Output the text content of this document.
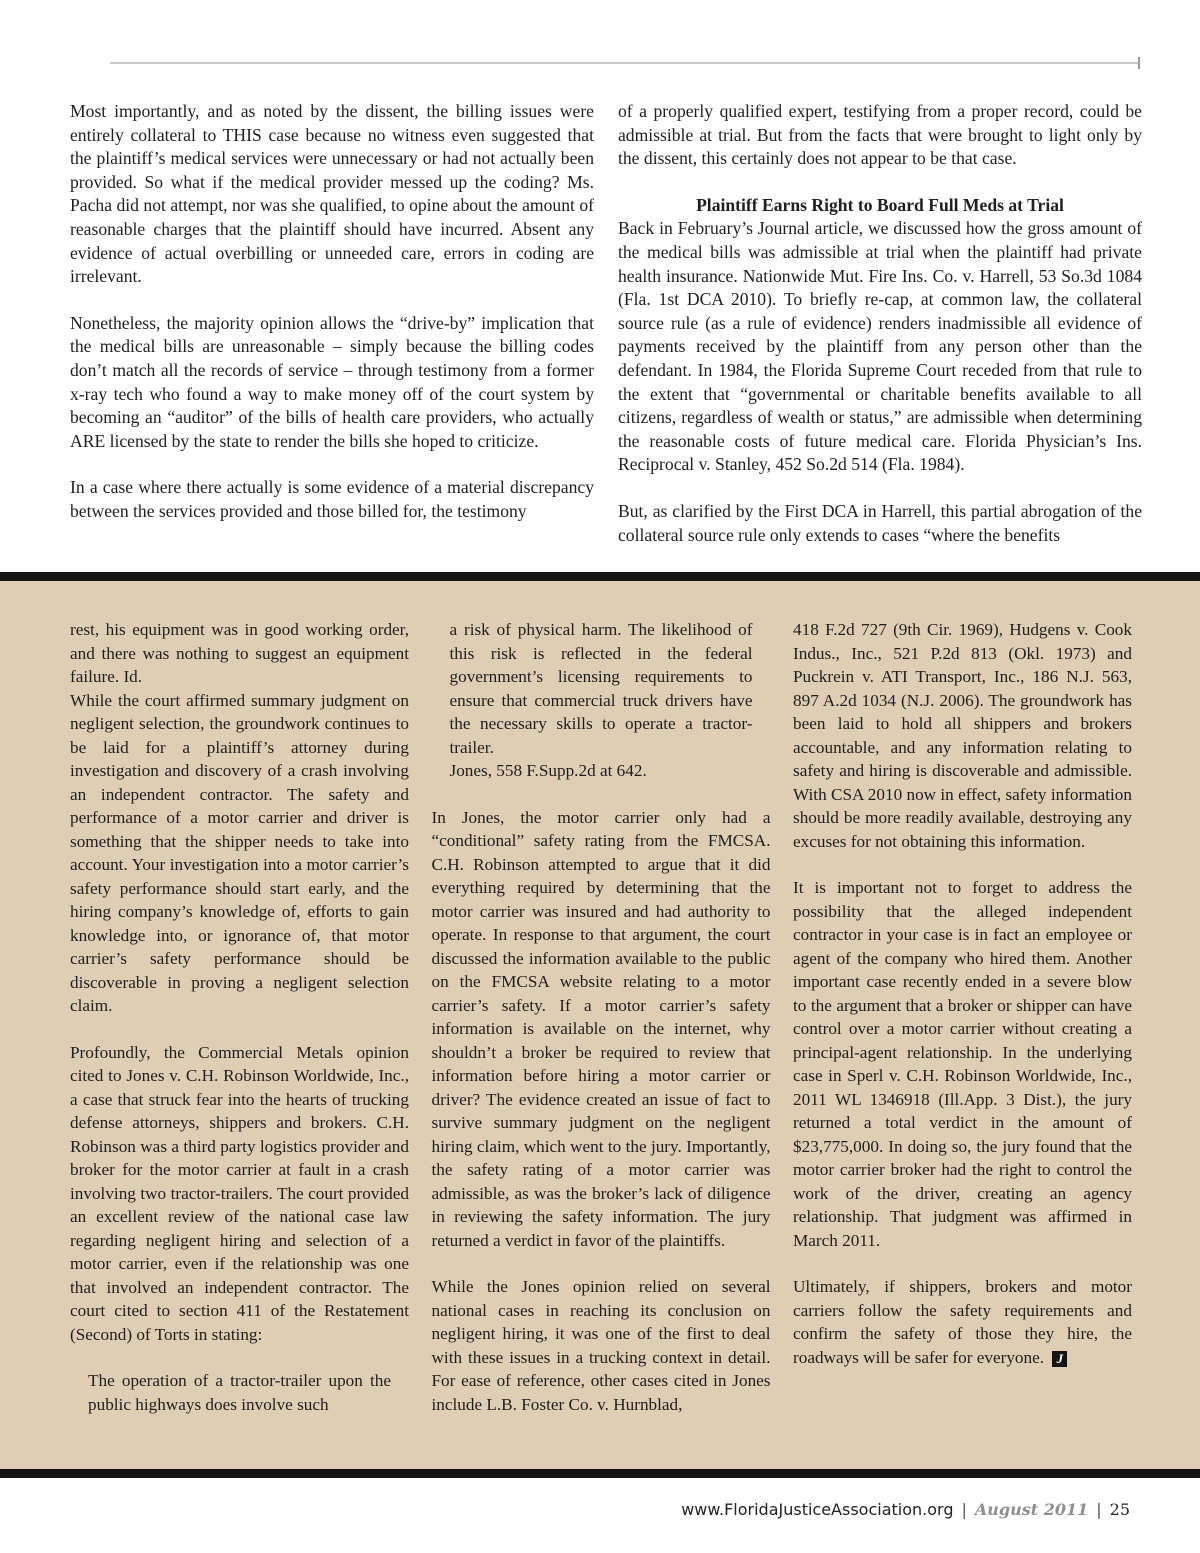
Most importantly, and as noted by the dissent, the billing issues were entirely collateral to THIS case because no witness even suggested that the plaintiff’s medical services were unnecessary or had not actually been provided. So what if the medical provider messed up the coding? Ms. Pacha did not attempt, nor was she qualified, to opine about the amount of reasonable charges that the plaintiff should have incurred. Absent any evidence of actual overbilling or unneeded care, errors in coding are irrelevant.

Nonetheless, the majority opinion allows the “drive-by” implication that the medical bills are unreasonable – simply because the billing codes don’t match all the records of service – through testimony from a former x-ray tech who found a way to make money off of the court system by becoming an “auditor” of the bills of health care providers, who actually ARE licensed by the state to render the bills she hoped to criticize.

In a case where there actually is some evidence of a material discrepancy between the services provided and those billed for, the testimony

of a properly qualified expert, testifying from a proper record, could be admissible at trial. But from the facts that were brought to light only by the dissent, this certainly does not appear to be that case.

Plaintiff Earns Right to Board Full Meds at Trial

Back in February’s Journal article, we discussed how the gross amount of the medical bills was admissible at trial when the plaintiff had private health insurance. Nationwide Mut. Fire Ins. Co. v. Harrell, 53 So.3d 1084 (Fla. 1st DCA 2010). To briefly re-cap, at common law, the collateral source rule (as a rule of evidence) renders inadmissible all evidence of payments received by the plaintiff from any person other than the defendant. In 1984, the Florida Supreme Court receded from that rule to the extent that “governmental or charitable benefits available to all citizens, regardless of wealth or status,” are admissible when determining the reasonable costs of future medical care. Florida Physician’s Ins. Reciprocal v. Stanley, 452 So.2d 514 (Fla. 1984).

But, as clarified by the First DCA in Harrell, this partial abrogation of the collateral source rule only extends to cases “where the benefits

rest, his equipment was in good working order, and there was nothing to suggest an equipment failure. Id.

While the court affirmed summary judgment on negligent selection, the groundwork continues to be laid for a plaintiff’s attorney during investigation and discovery of a crash involving an independent contractor. The safety and performance of a motor carrier and driver is something that the shipper needs to take into account. Your investigation into a motor carrier’s safety performance should start early, and the hiring company’s knowledge of, efforts to gain knowledge into, or ignorance of, that motor carrier’s safety performance should be discoverable in proving a negligent selection claim.

Profoundly, the Commercial Metals opinion cited to Jones v. C.H. Robinson Worldwide, Inc., a case that struck fear into the hearts of trucking defense attorneys, shippers and brokers. C.H. Robinson was a third party logistics provider and broker for the motor carrier at fault in a crash involving two tractor-trailers. The court provided an excellent review of the national case law regarding negligent hiring and selection of a motor carrier, even if the relationship was one that involved an independent contractor. The court cited to section 411 of the Restatement (Second) of Torts in stating:

The operation of a tractor-trailer upon the public highways does involve such

a risk of physical harm. The likelihood of this risk is reflected in the federal government’s licensing requirements to ensure that commercial truck drivers have the necessary skills to operate a tractor-trailer.

Jones, 558 F.Supp.2d at 642.

In Jones, the motor carrier only had a “conditional” safety rating from the FMCSA. C.H. Robinson attempted to argue that it did everything required by determining that the motor carrier was insured and had authority to operate. In response to that argument, the court discussed the information available to the public on the FMCSA website relating to a motor carrier’s safety. If a motor carrier’s safety information is available on the internet, why shouldn’t a broker be required to review that information before hiring a motor carrier or driver? The evidence created an issue of fact to survive summary judgment on the negligent hiring claim, which went to the jury. Importantly, the safety rating of a motor carrier was admissible, as was the broker’s lack of diligence in reviewing the safety information. The jury returned a verdict in favor of the plaintiffs.

While the Jones opinion relied on several national cases in reaching its conclusion on negligent hiring, it was one of the first to deal with these issues in a trucking context in detail. For ease of reference, other cases cited in Jones include L.B. Foster Co. v. Hurnblad,

418 F.2d 727 (9th Cir. 1969), Hudgens v. Cook Indus., Inc., 521 P.2d 813 (Okl. 1973) and Puckrein v. ATI Transport, Inc., 186 N.J. 563, 897 A.2d 1034 (N.J. 2006). The groundwork has been laid to hold all shippers and brokers accountable, and any information relating to safety and hiring is discoverable and admissible. With CSA 2010 now in effect, safety information should be more readily available, destroying any excuses for not obtaining this information.

It is important not to forget to address the possibility that the alleged independent contractor in your case is in fact an employee or agent of the company who hired them. Another important case recently ended in a severe blow to the argument that a broker or shipper can have control over a motor carrier without creating a principal-agent relationship. In the underlying case in Sperl v. C.H. Robinson Worldwide, Inc., 2011 WL 1346918 (Ill.App. 3 Dist.), the jury returned a total verdict in the amount of $23,775,000. In doing so, the jury found that the motor carrier broker had the right to control the work of the driver, creating an agency relationship. That judgment was affirmed in March 2011.

Ultimately, if shippers, brokers and motor carriers follow the safety requirements and confirm the safety of those they hire, the roadways will be safer for everyone. J

www.FloridaJusticeAssociation.org | August 2011 | 25
